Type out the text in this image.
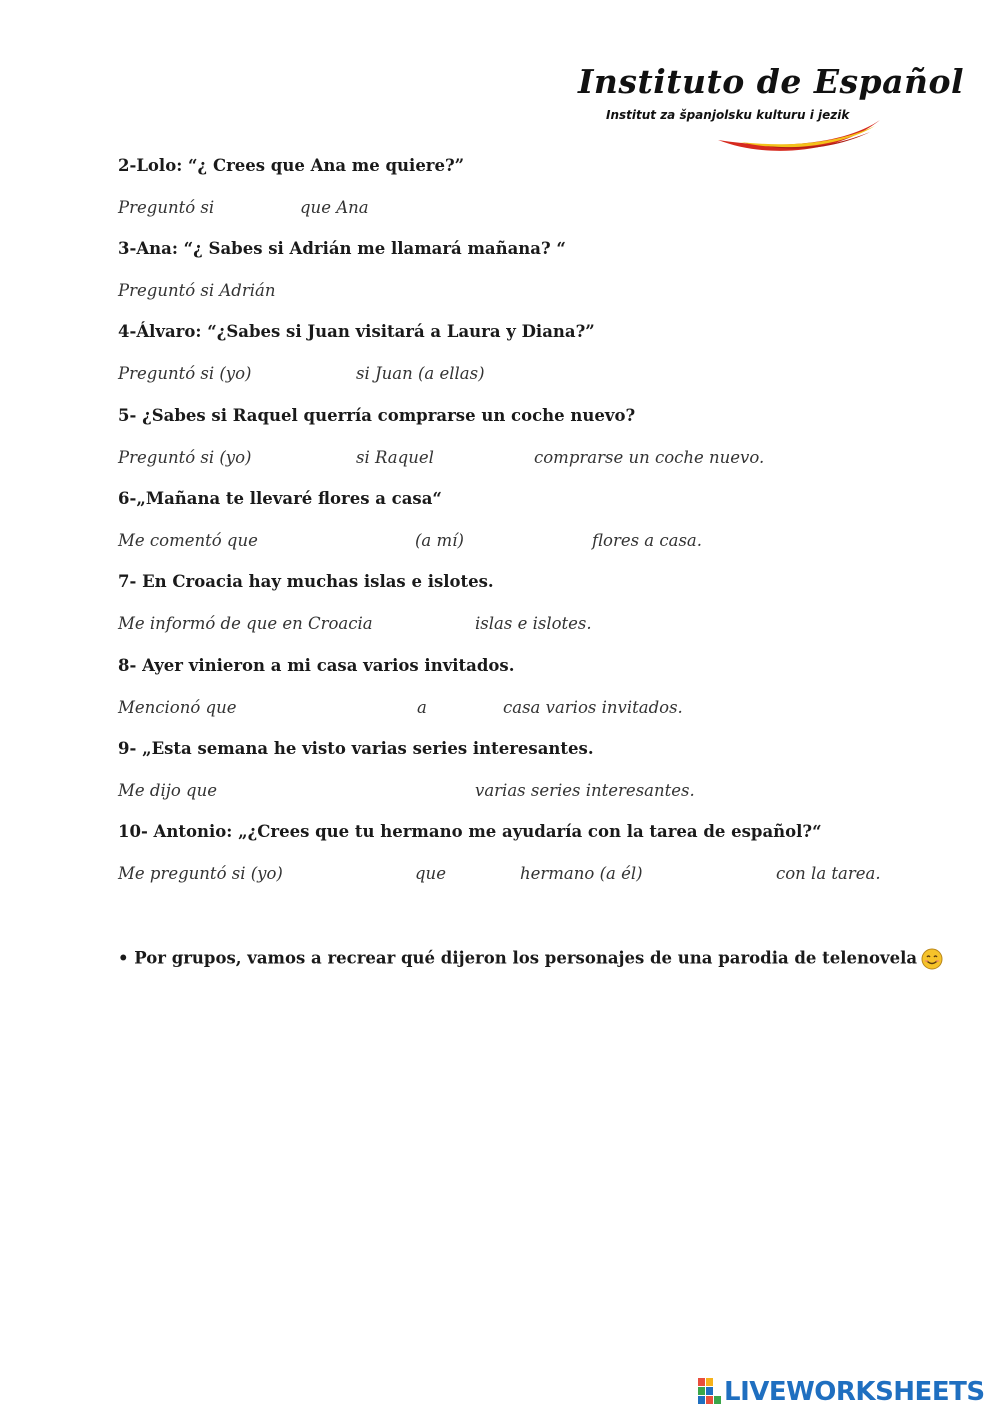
Instituto de Español
Institut za španjolsku kulturu i jezik
2-Lolo: “¿ Crees que Ana me quiere?”
Preguntó si	que Ana
3-Ana: “¿ Sabes si Adrián me llamará mañana? “
Preguntó si Adrián
4-Álvaro: “¿Sabes si Juan visitará a Laura y Diana?”
Preguntó si (yo)	si Juan (a ellas)
5- ¿Sabes si Raquel querría comprarse un coche nuevo?
Preguntó si (yo)	si Raquel	comprarse un coche nuevo.
6-„Mañana te llevaré flores a casa“
Me comentó que	(a mí)	flores a casa.
7- En Croacia hay muchas islas e islotes.
Me informó de que en Croacia	islas e islotes.
8- Ayer vinieron a mi casa varios invitados.
Mencionó que	a	casa varios invitados.
9- „Esta semana he visto varias series interesantes.
Me dijo que	varias series interesantes.
10- Antonio: „¿Crees que tu hermano me ayudaría con la tarea de español?“
Me preguntó si (yo)	que	hermano (a él)	con la tarea.
• Por grupos, vamos a recrear qué dijeron los personajes de una parodia de telenovela
LIVEWORKSHEETS
